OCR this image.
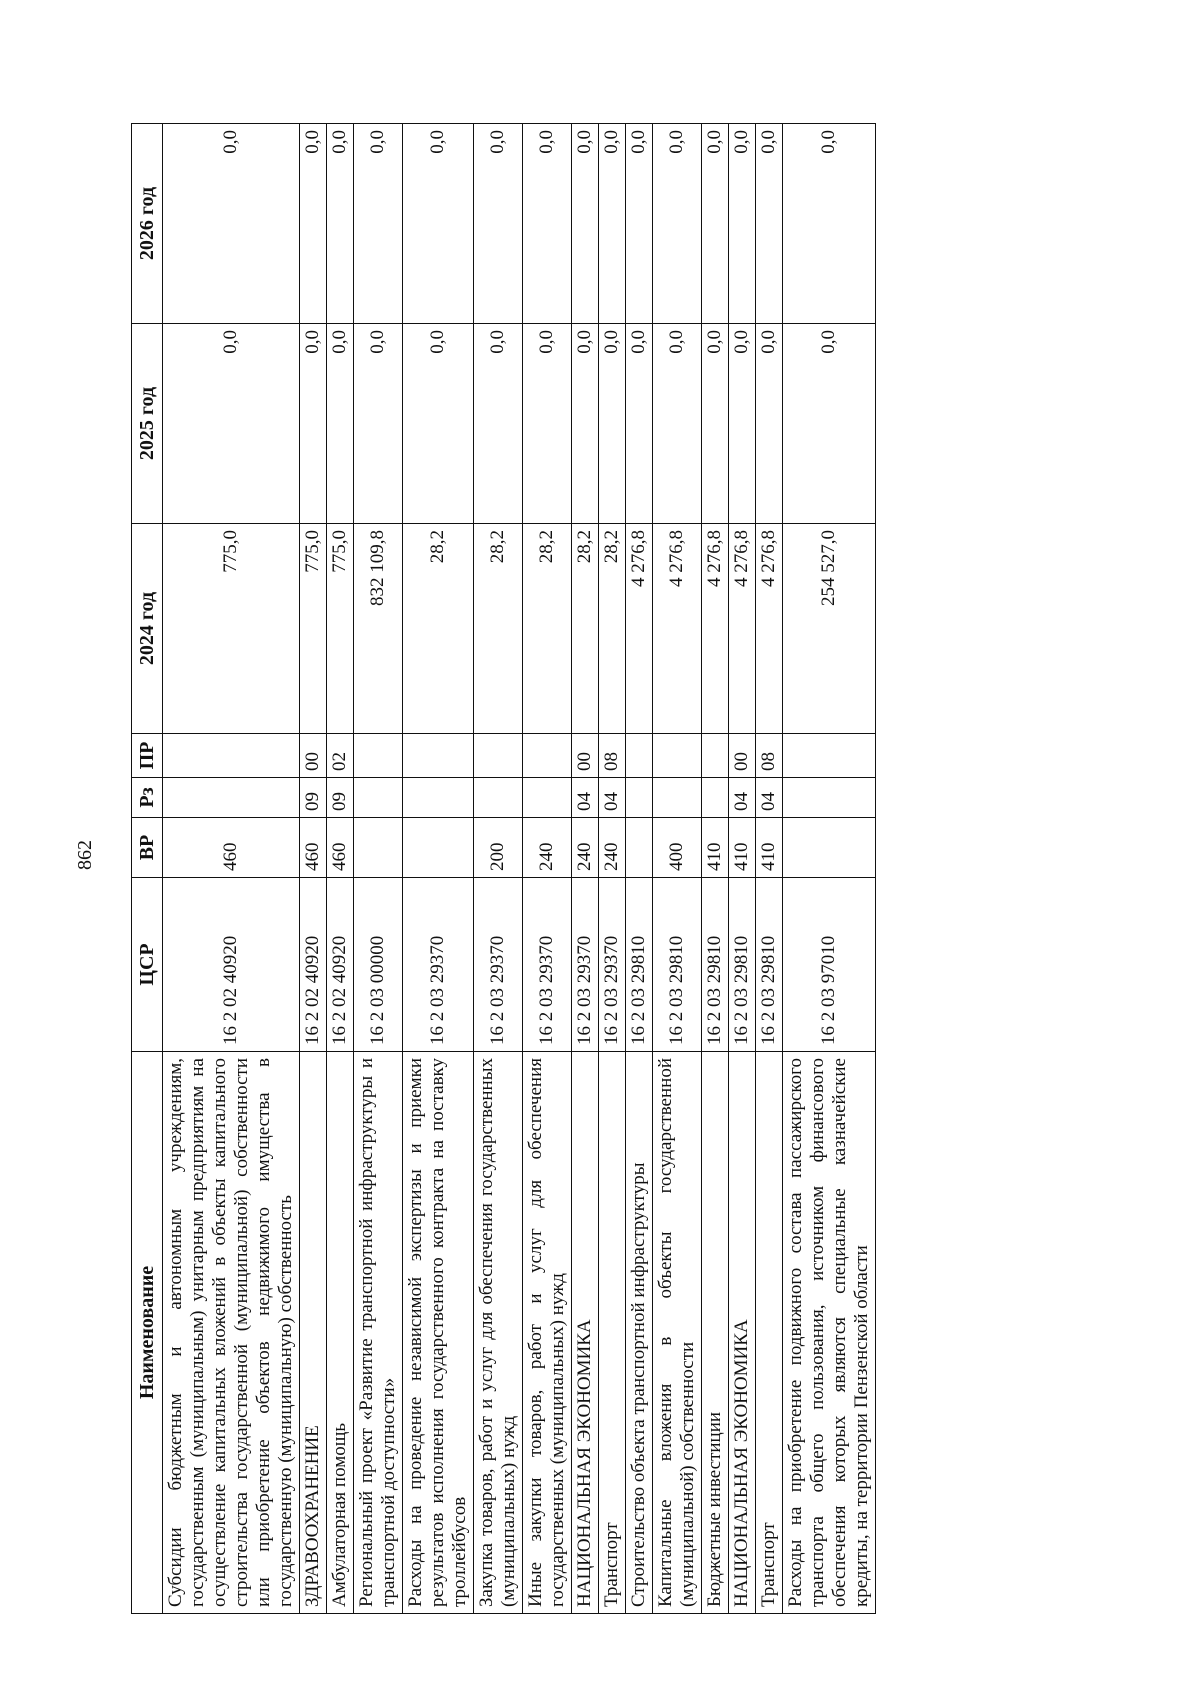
862
Наименование	ЦСР	ВР	Рз	ПР	2024 год	2025 год	2026 год
Субсидии бюджетным и автономным учреждениям, государственным (муниципальным) унитарным предприятиям на осуществление капитальных вложений в объекты капитального строительства государственной (муниципальной) собственности или приобретение объектов недвижимого имущества в государственную (муниципальную) собственность	16 2 02 40920	460			775,0	0,0	0,0
ЗДРАВООХРАНЕНИЕ	16 2 02 40920	460	09	00	775,0	0,0	0,0
Амбулаторная помощь	16 2 02 40920	460	09	02	775,0	0,0	0,0
Региональный проект «Развитие транспортной инфраструктуры и транспортной доступности»	16 2 03 00000				832 109,8	0,0	0,0
Расходы на проведение независимой экспертизы и приемки результатов исполнения государственного контракта на поставку троллейбусов	16 2 03 29370				28,2	0,0	0,0
Закупка товаров, работ и услуг для обеспечения государственных (муниципальных) нужд	16 2 03 29370	200			28,2	0,0	0,0
Иные закупки товаров, работ и услуг для обеспечения государственных (муниципальных) нужд	16 2 03 29370	240			28,2	0,0	0,0
НАЦИОНАЛЬНАЯ ЭКОНОМИКА	16 2 03 29370	240	04	00	28,2	0,0	0,0
Транспорт	16 2 03 29370	240	04	08	28,2	0,0	0,0
Строительство объекта транспортной инфраструктуры	16 2 03 29810				4 276,8	0,0	0,0
Капитальные вложения в объекты государственной (муниципальной) собственности	16 2 03 29810	400			4 276,8	0,0	0,0
Бюджетные инвестиции	16 2 03 29810	410			4 276,8	0,0	0,0
НАЦИОНАЛЬНАЯ ЭКОНОМИКА	16 2 03 29810	410	04	00	4 276,8	0,0	0,0
Транспорт	16 2 03 29810	410	04	08	4 276,8	0,0	0,0
Расходы на приобретение подвижного состава пассажирского транспорта общего пользования, источником финансового обеспечения которых являются специальные казначейские кредиты, на территории Пензенской области	16 2 03 97010				254 527,0	0,0	0,0
